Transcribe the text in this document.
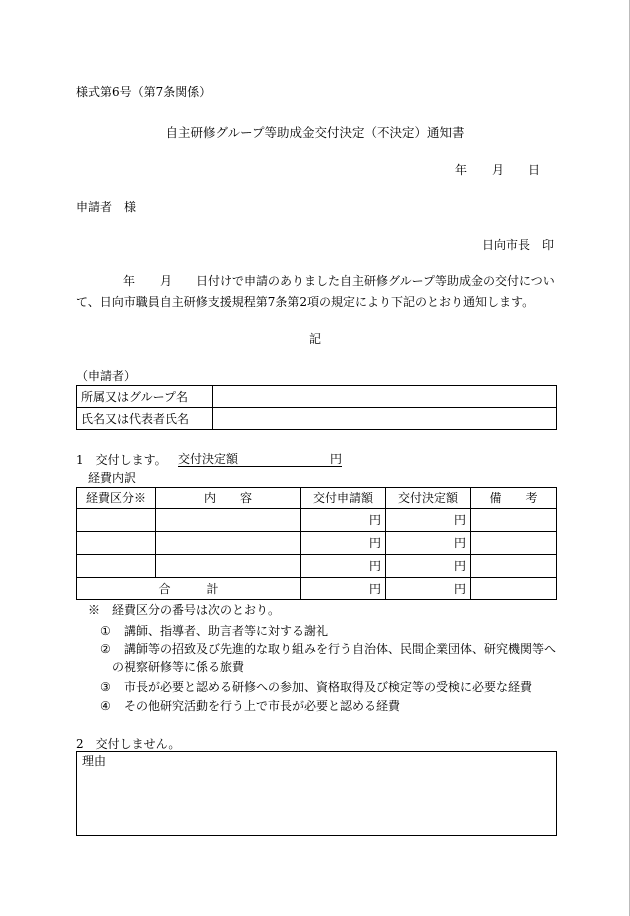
様式第6号（第7条関係）
自主研修グループ等助成金交付決定（不決定）通知書
年 月 日
申請者　様
日向市長　印
年 月 日付けで申請のありました自主研修グループ等助成金の交付につい
て、日向市職員自主研修支援規程第7条第2項の規定により下記のとおり通知します。
記
（申請者）
所属又はグループ名	
氏名又は代表者氏名	
1　交付します。 交付決定額	円
経費内訳
経費区分※	内　　容	交付申請額	交付決定額	備　　考
		円	円	
		円	円	
		円	円	
合　　　計		円	円	
※　経費区分の番号は次のとおり。
① 講師、指導者、助言者等に対する謝礼
② 講師等の招致及び先進的な取り組みを行う自治体、民間企業団体、研究機関等へ
の視察研修等に係る旅費
③ 市長が必要と認める研修への参加、資格取得及び検定等の受検に必要な経費
④ その他研究活動を行う上で市長が必要と認める経費
2　交付しません。
理由
